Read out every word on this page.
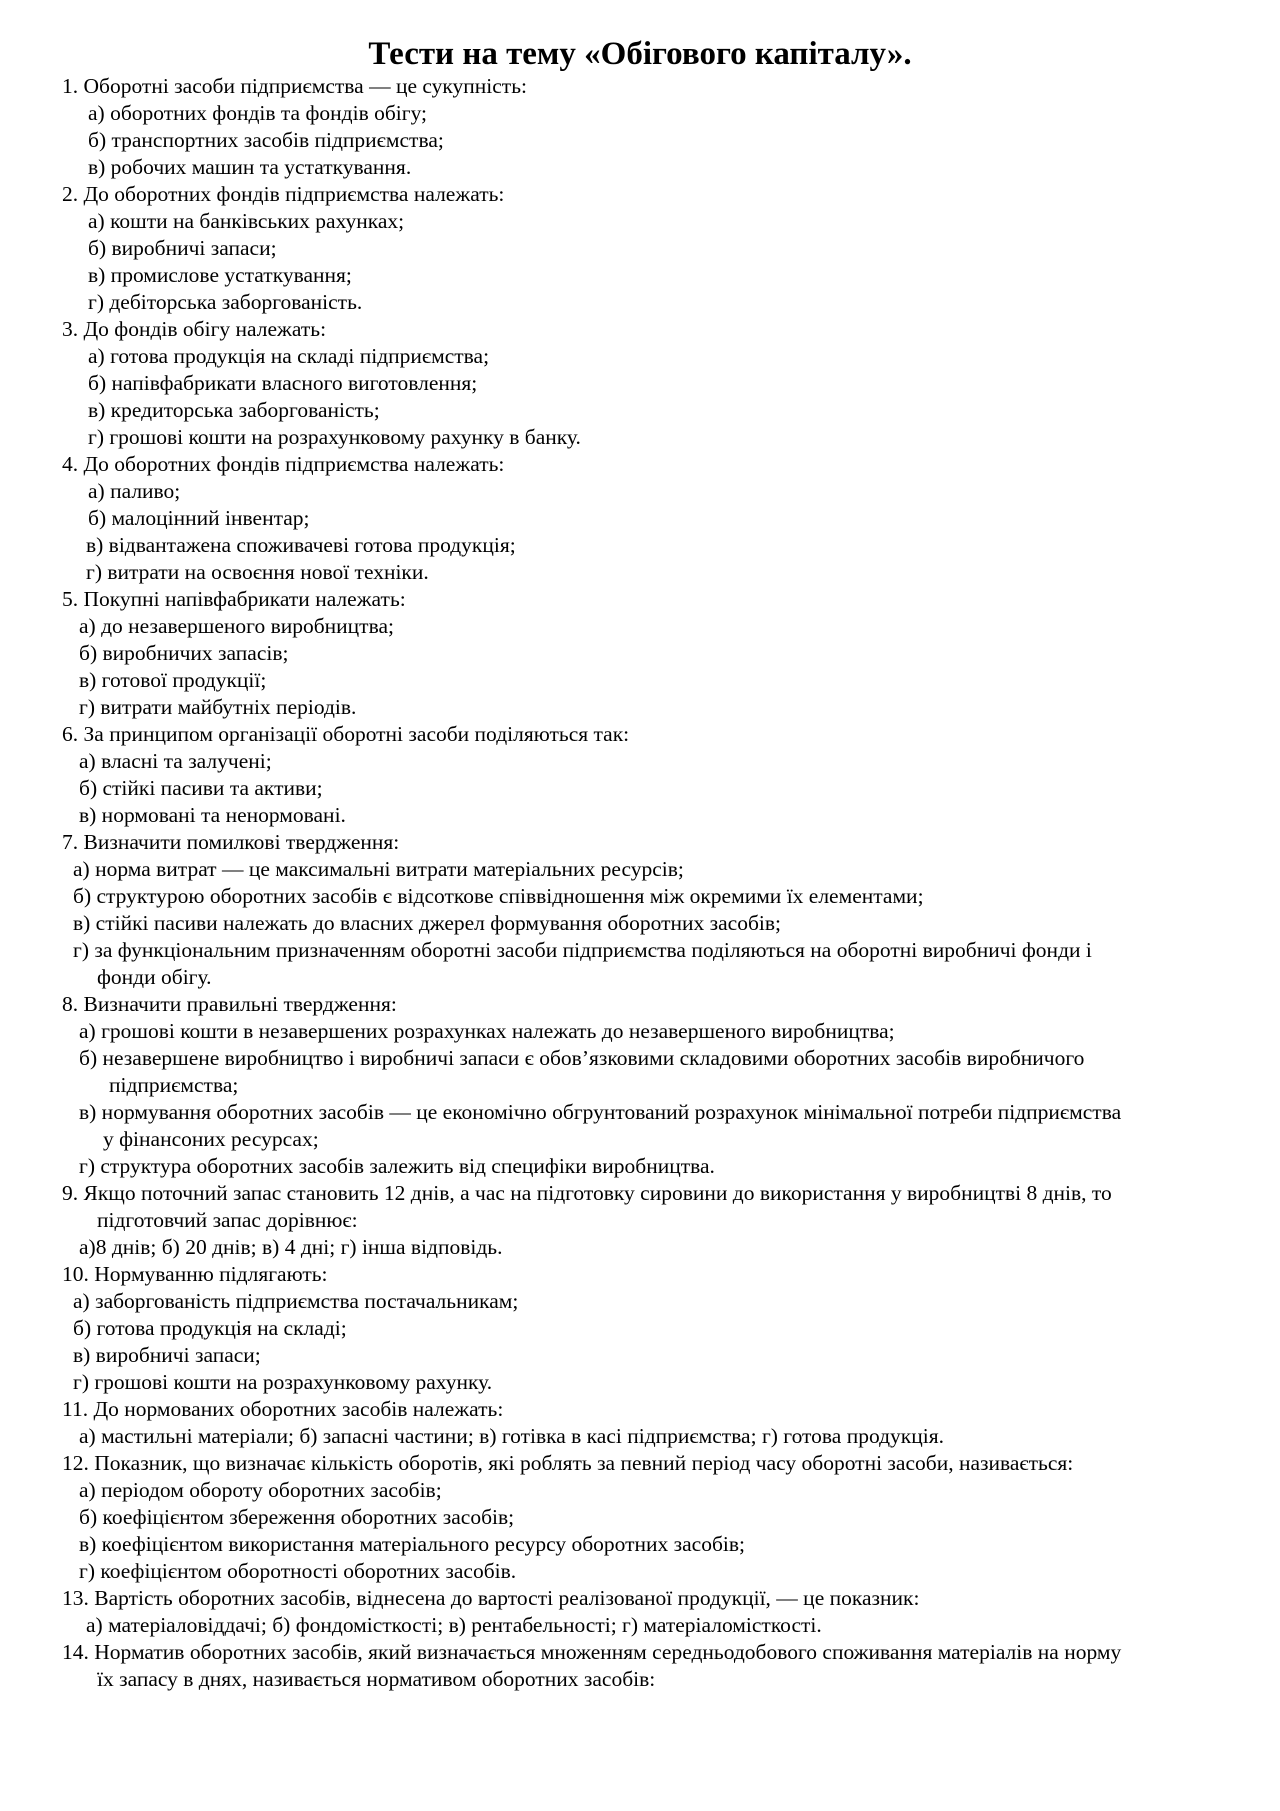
Тести на тему «Обігового капіталу».
1. Оборотні засоби підприємства — це сукупність:
а) оборотних фондів та фондів обігу;
б) транспортних засобів підприємства;
в) робочих машин та устаткування.
2. До оборотних фондів підприємства належать:
а) кошти на банківських рахунках;
б) виробничі запаси;
в) промислове устаткування;
г) дебіторська заборгованість.
3. До фондів обігу належать:
а) готова продукція на складі підприємства;
б) напівфабрикати власного виготовлення;
в) кредиторська заборгованість;
г) грошові кошти на розрахунковому рахунку в банку.
4. До оборотних фондів підприємства належать:
а) паливо;
б) малоцінний інвентар;
в) відвантажена споживачеві готова продукція;
г) витрати на освоєння нової техніки.
5. Покупні напівфабрикати належать:
а) до незавершеного виробництва;
б) виробничих запасів;
в) готової продукції;
г) витрати майбутніх періодів.
6. За принципом організації оборотні засоби поділяються так:
а) власні та залучені;
б) стійкі пасиви та активи;
в) нормовані та ненормовані.
7. Визначити помилкові твердження:
а) норма витрат — це максимальні витрати матеріальних ресурсів;
б) структурою оборотних засобів є відсоткове співвідношення між окремими їх елементами;
в) стійкі пасиви належать до власних джерел формування оборотних засобів;
г) за функціональним призначенням оборотні засоби підприємства поділяються на оборотні виробничі фонди і
фонди обігу.
8. Визначити правильні твердження:
а) грошові кошти в незавершених розрахунках належать до незавершеного виробництва;
б) незавершене виробництво і виробничі запаси є обов’язковими складовими оборотних засобів виробничого
підприємства;
в) нормування оборотних засобів — це економічно обгрунтований розрахунок мінімальної потреби підприємства
у фінансоних ресурсах;
г) структура оборотних засобів залежить від специфіки виробництва.
9. Якщо поточний запас становить 12 днів, а час на підготовку сировини до використання у виробництві 8 днів, то
підготовчий запас дорівнює:
а)8 днів; б) 20 днів; в) 4 дні; г) інша відповідь.
10. Нормуванню підлягають:
а) заборгованість підприємства постачальникам;
б) готова продукція на складі;
в) виробничі запаси;
г) грошові кошти на розрахунковому рахунку.
11. До нормованих оборотних засобів належать:
а) мастильні матеріали; б) запасні частини; в) готівка в касі підприємства; г) готова продукція.
12. Показник, що визначає кількість оборотів, які роблять за певний період часу оборотні засоби, називається:
а) періодом обороту оборотних засобів;
б) коефіцієнтом збереження оборотних засобів;
в) коефіцієнтом використання матеріального ресурсу оборотних засобів;
г) коефіцієнтом оборотності оборотних засобів.
13. Вартість оборотних засобів, віднесена до вартості реалізованої продукції, — це показник:
а) матеріаловіддачі; б) фондомісткості; в) рентабельності; г) матеріаломісткості.
14. Норматив оборотних засобів, який визначається множенням середньодобового споживання матеріалів на норму
їх запасу в днях, називається нормативом оборотних засобів:
